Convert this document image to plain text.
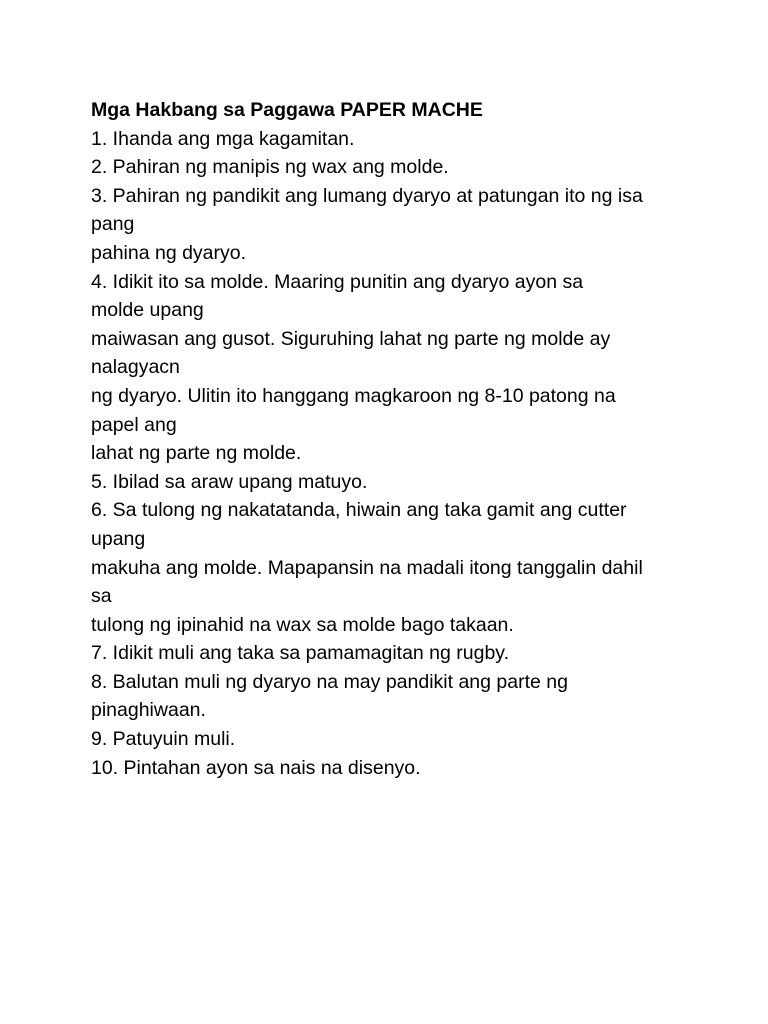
Mga Hakbang sa Paggawa PAPER MACHE
1. Ihanda ang mga kagamitan.
2. Pahiran ng manipis ng wax ang molde.
3. Pahiran ng pandikit ang lumang dyaryo at patungan ito ng isa
pang
pahina ng dyaryo.
4. Idikit ito sa molde. Maaring punitin ang dyaryo ayon sa
molde upang
maiwasan ang gusot. Siguruhing lahat ng parte ng molde ay
nalagyacn
ng dyaryo. Ulitin ito hanggang magkaroon ng 8-10 patong na
papel ang
lahat ng parte ng molde.
5. Ibilad sa araw upang matuyo.
6. Sa tulong ng nakatatanda, hiwain ang taka gamit ang cutter
upang
makuha ang molde. Mapapansin na madali itong tanggalin dahil
sa
tulong ng ipinahid na wax sa molde bago takaan.
7. Idikit muli ang taka sa pamamagitan ng rugby.
8. Balutan muli ng dyaryo na may pandikit ang parte ng
pinaghiwaan.
9. Patuyuin muli.
10. Pintahan ayon sa nais na disenyo.
